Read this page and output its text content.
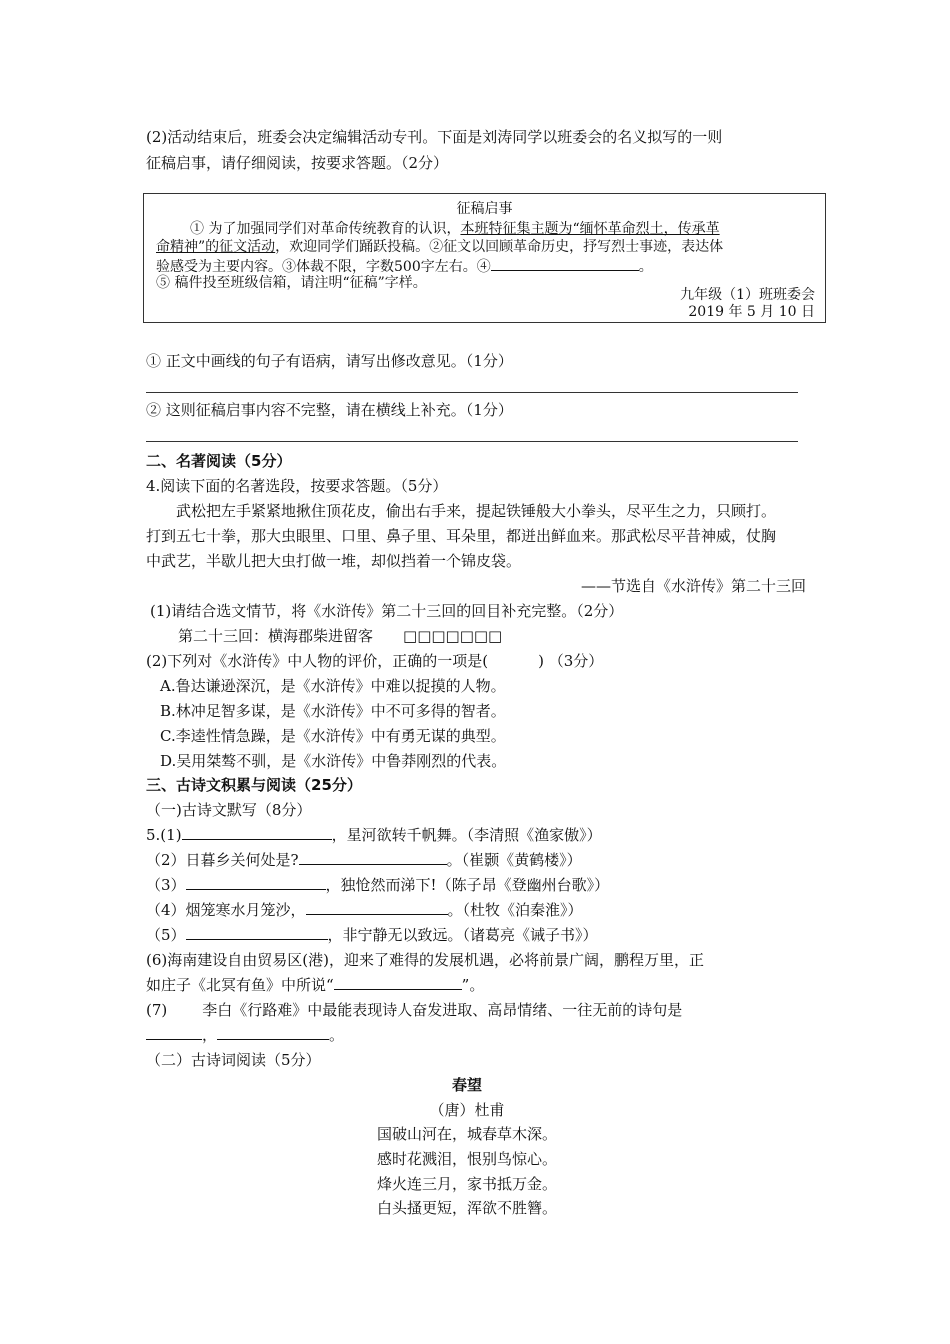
(2)活动结束后，班委会决定编辑活动专刊。下面是刘涛同学以班委会的名义拟写的一则
征稿启事，请仔细阅读，按要求答题。（2分）
征稿启事
① 为了加强同学们对革命传统教育的认识，本班特征集主题为“缅怀革命烈土，传承革
命精神”的征文活动，欢迎同学们踊跃投稿。②征文以回顾革命历史，抒写烈士事迹，表达体
验感受为主要内容。③体裁不限，字数500字左右。④	。
⑤ 稿件投至班级信箱，请注明“征稿”字样。
九年级（1）班班委会
2019 年 5 月 10 日
① 正文中画线的句子有语病，请写出修改意见。（1分）
② 这则征稿启事内容不完整，请在横线上补充。（1分）
二、名著阅读（5分）
4.阅读下面的名著选段，按要求答题。（5分）
武松把左手紧紧地揪住顶花皮，偷出右手来，提起铁锤般大小拳头，尽平生之力，只顾打。
打到五七十拳，那大虫眼里、口里、鼻子里、耳朵里，都迸出鲜血来。那武松尽平昔神威，仗胸
中武艺，半歇儿把大虫打做一堆，却似挡着一个锦皮袋。
——节选自《水浒传》第二十三回
(1)请结合选文情节，将《水浒传》第二十三回的回目补充完整。（2分）
第二十三回：横海郡柴进留客 □□□□□□□
(2)下列对《水浒传》中人物的评价，正确的一项是(	) （3分）
A.鲁达谦逊深沉，是《水浒传》中难以捉摸的人物。
B.林冲足智多谋，是《水浒传》中不可多得的智者。
C.李逵性情急躁，是《水浒传》中有勇无谋的典型。
D.吴用桀骜不驯，是《水浒传》中鲁莽刚烈的代表。
三、古诗文积累与阅读（25分）
（一)古诗文默写（8分）
5.(1)	，星河欲转千帆舞。（李清照《渔家傲》）
（2）日暮乡关何处是?	。（崔颢《黄鹤楼》）
（3）	，独怆然而涕下!（陈子昂《登幽州台歌》）
（4）烟笼寒水月笼沙，	。（杜牧《泊秦淮》）
（5）	，非宁静无以致远。（诸葛亮《诫子书》）
(6)海南建设自由贸易区(港)，迎来了难得的发展机遇，必将前景广阔，鹏程万里，正
如庄子《北冥有鱼》中所说“	”。
(7) 李白《行路难》中最能表现诗人奋发进取、高昂情绪、一往无前的诗句是
，	。
（二）古诗词阅读（5分）
春望
（唐）杜甫
国破山河在，城春草木深。
感时花溅泪，恨别鸟惊心。
烽火连三月，家书抵万金。
白头搔更短，浑欲不胜簪。
